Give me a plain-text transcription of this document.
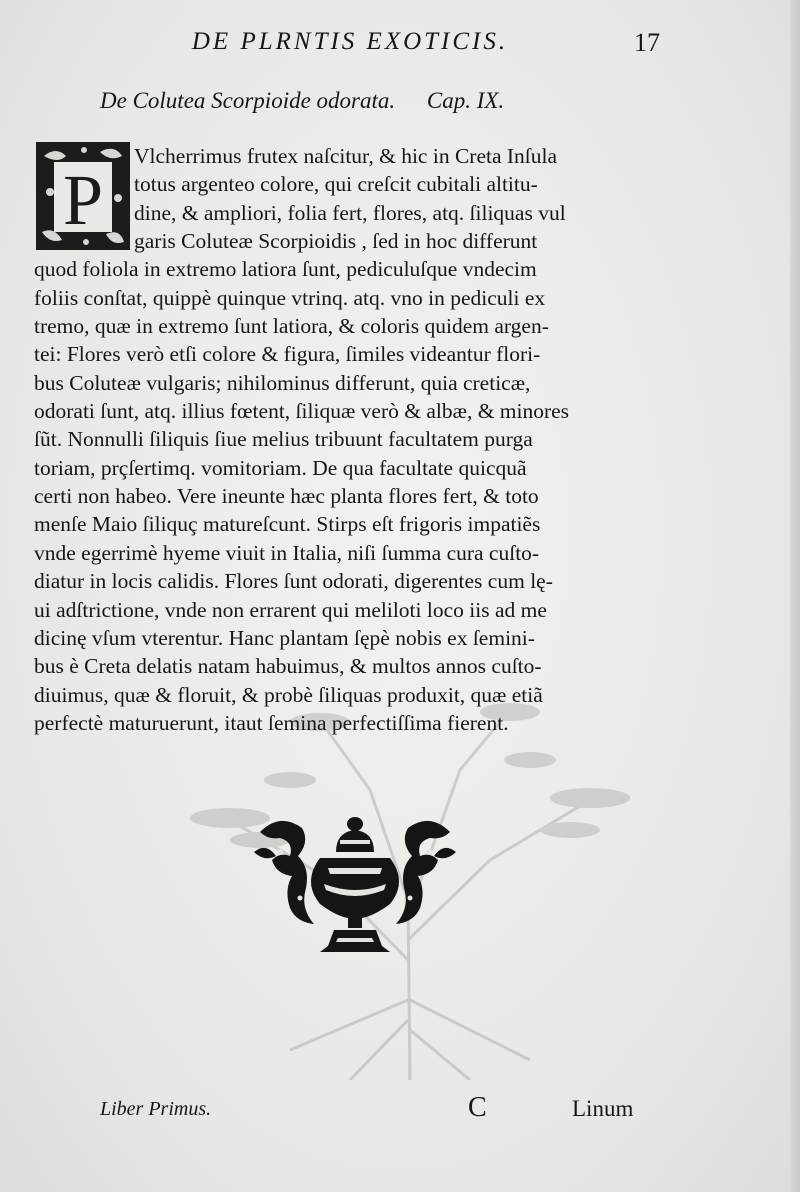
DE PLRNTIS EXOTICIS.	17
De Colutea Scorpioide odorata. Cap. IX.
P
Vlcherrimus frutex naſcitur, & hic in Creta Inſula
totus argenteo colore, qui creſcit cubitali altitu-
dine, & ampliori, folia fert, flores, atq. ſiliquas vul
garis Coluteæ Scorpioidis , ſed in hoc differunt
quod foliola in extremo latiora ſunt, pediculuſque vndecim
foliis conſtat, quippè quinque vtrinq. atq. vno in pediculi ex
tremo, quæ in extremo ſunt latiora, & coloris quidem argen-
tei: Flores verò etſi colore & figura, ſimiles videantur flori-
bus Coluteæ vulgaris; nihilominus differunt, quia creticæ,
odorati ſunt, atq. illius fœtent, ſiliquæ verò & albæ, & minores
ſũt. Nonnulli ſiliquis ſiue melius tribuunt facultatem purga
toriam, prçſertimq. vomitoriam. De qua facultate quicquã
certi non habeo. Vere ineunte hæc planta flores fert, & toto
menſe Maio ſiliquç matureſcunt. Stirps eſt frigoris impatiẽs
vnde egerrimè hyeme viuit in Italia, niſi ſumma cura cuſto-
diatur in locis calidis. Flores ſunt odorati, digerentes cum lę-
ui adſtrictione, vnde non errarent qui meliloti loco iis ad me
dicinę vſum vterentur. Hanc plantam ſępè nobis ex ſemini-
bus è Creta delatis natam habuimus, & multos annos cuſto-
diuimus, quæ & floruit, & probè ſiliquas produxit, quæ etiã
perfectè maturuerunt, itaut ſemina perfectiſſima fierent.
Liber Primus.	C	Linum
